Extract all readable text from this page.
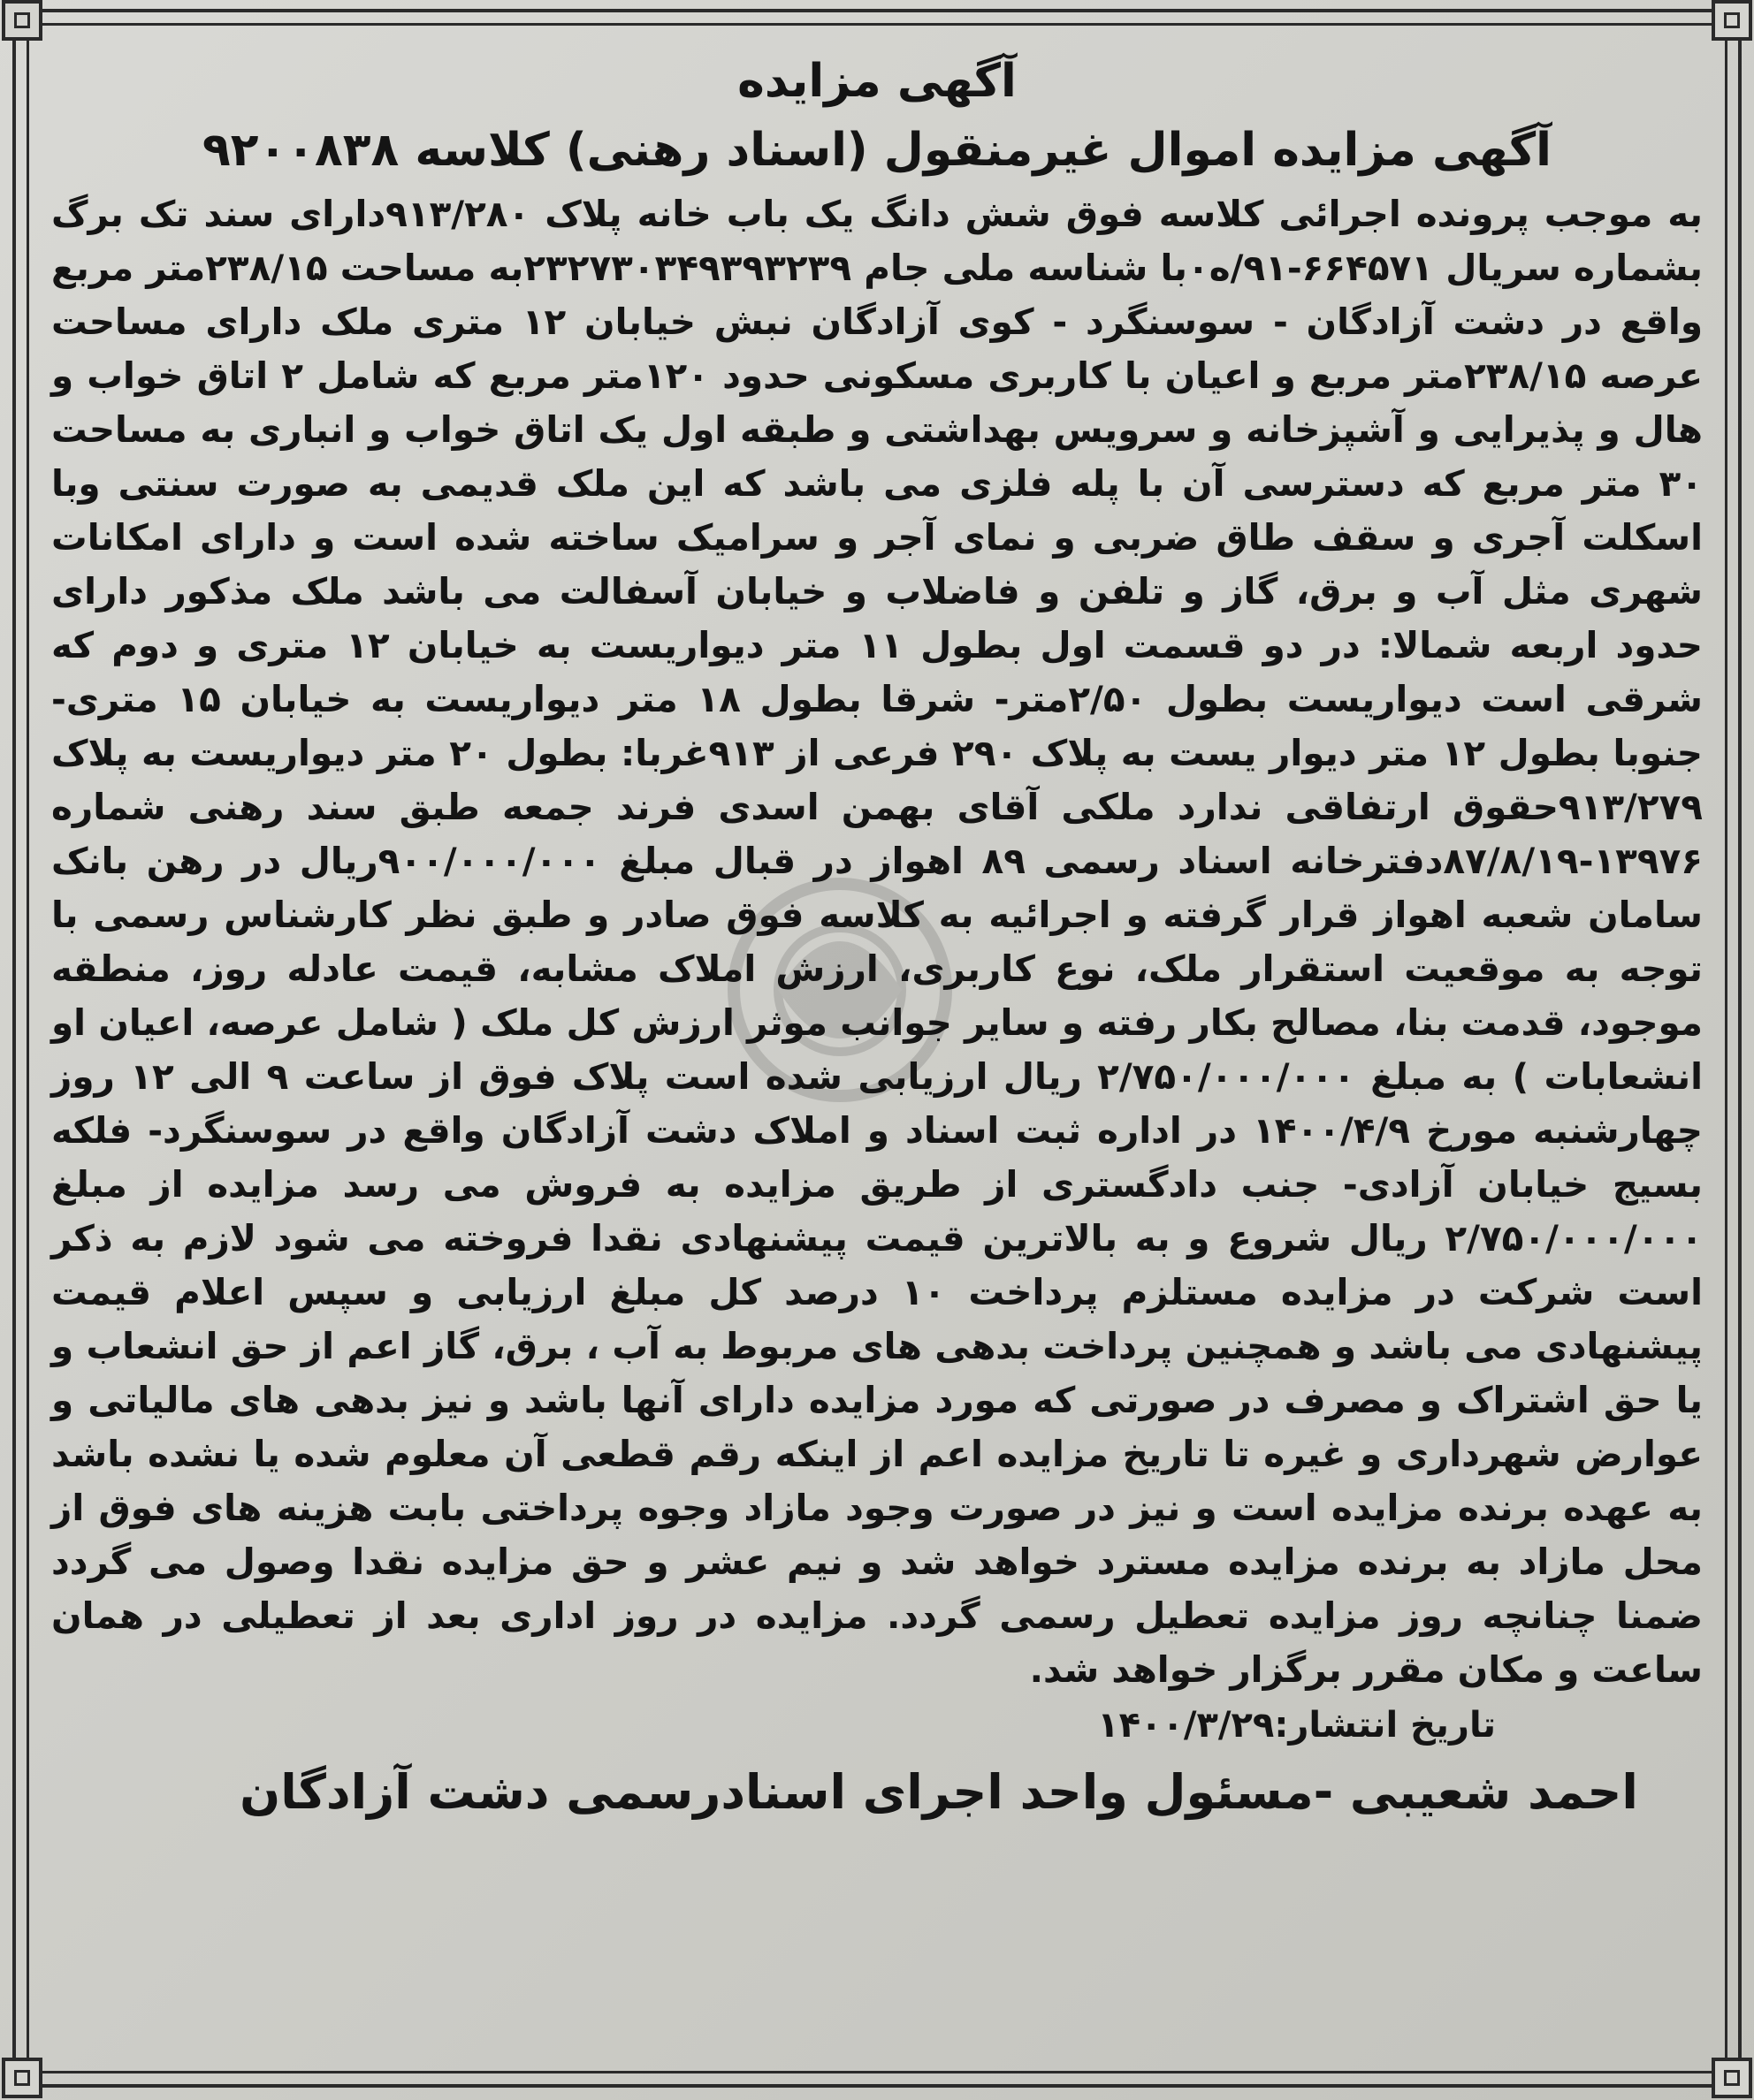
آگهی مزایده
آگهی مزایده اموال غیرمنقول (اسناد رهنی) کلاسه ۹۲۰۰۸۳۸
به موجب پرونده اجرائی کلاسه فوق شش دانگ یک باب خانه پلاک ۹۱۳/۲۸۰دارای سند تک برگ بشماره سریال ۶۶۴۵۷۱-۹۱/ه۰با شناسه ملی جام ۲۳۲۷۳۰۳۴۹۳۹۳۲۳۹به مساحت ۲۳۸/۱۵متر مربع واقع در دشت آزادگان - سوسنگرد - کوی آزادگان نبش خیابان ۱۲ متری ملک دارای مساحت عرصه ۲۳۸/۱۵متر مربع و اعیان با کاربری مسکونی حدود ۱۲۰متر مربع که شامل ۲ اتاق خواب و هال و پذیرایی و آشپزخانه و سرویس بهداشتی و طبقه اول یک اتاق خواب و انباری به مساحت ۳۰ متر مربع که دسترسی آن با پله فلزی می باشد که این ملک قدیمی به صورت سنتی وبا اسکلت آجری و سقف طاق ضربی و نمای آجر و سرامیک ساخته شده است و دارای امکانات شهری مثل آب و برق، گاز و تلفن و فاضلاب و خیابان آسفالت می باشد ملک مذکور دارای حدود اربعه شمالا: در دو قسمت اول بطول ۱۱ متر دیواریست به خیابان ۱۲ متری و دوم که شرقی است دیواریست بطول ۲/۵۰متر- شرقا بطول ۱۸ متر دیواریست به خیابان ۱۵ متری- جنوبا بطول ۱۲ متر دیوار یست به پلاک ۲۹۰ فرعی از ۹۱۳غربا: بطول ۲۰ متر دیواریست به پلاک ۹۱۳/۲۷۹حقوق ارتفاقی ندارد ملکی آقای بهمن اسدی فرند جمعه طبق سند رهنی شماره ۱۳۹۷۶-۸۷/۸/۱۹دفترخانه اسناد رسمی ۸۹ اهواز در قبال مبلغ ۹۰۰/۰۰۰/۰۰۰ریال در رهن بانک سامان شعبه اهواز قرار گرفته و اجرائیه به کلاسه فوق صادر و طبق نظر کارشناس رسمی با توجه به موقعیت استقرار ملک، نوع کاربری، ارزش املاک مشابه، قیمت عادله روز، منطقه موجود، قدمت بنا، مصالح بکار رفته و سایر جوانب موثر ارزش کل ملک ( شامل عرصه، اعیان او انشعابات ) به مبلغ ۲/۷۵۰/۰۰۰/۰۰۰ ریال ارزیابی شده است پلاک فوق از ساعت ۹ الی ۱۲ روز چهارشنبه مورخ ۱۴۰۰/۴/۹ در اداره ثبت اسناد و املاک دشت آزادگان واقع در سوسنگرد- فلکه بسیج خیابان آزادی- جنب دادگستری از طریق مزایده به فروش می رسد مزایده از مبلغ ۲/۷۵۰/۰۰۰/۰۰۰ ریال شروع و به بالاترین قیمت پیشنهادی نقدا فروخته می شود لازم به ذکر است شرکت در مزایده مستلزم پرداخت ۱۰ درصد کل مبلغ ارزیابی و سپس اعلام قیمت پیشنهادی می باشد و همچنین پرداخت بدهی های مربوط به آب ، برق، گاز اعم از حق انشعاب و یا حق اشتراک و مصرف در صورتی که مورد مزایده دارای آنها باشد و نیز بدهی های مالیاتی و عوارض شهرداری و غیره تا تاریخ مزایده اعم از اینکه رقم قطعی آن معلوم شده یا نشده باشد به عهده برنده مزایده است و نیز در صورت وجود مازاد وجوه پرداختی بابت هزینه های فوق از محل مازاد به برنده مزایده مسترد خواهد شد و نیم عشر و حق مزایده نقدا وصول می گردد ضمنا چنانچه روز مزایده تعطیل رسمی گردد. مزایده در روز اداری بعد از تعطیلی در همان ساعت و مکان مقرر برگزار خواهد شد.
تاریخ انتشار:۱۴۰۰/۳/۲۹
احمد شعیبی -مسئول واحد اجرای اسنادرسمی دشت آزادگان
